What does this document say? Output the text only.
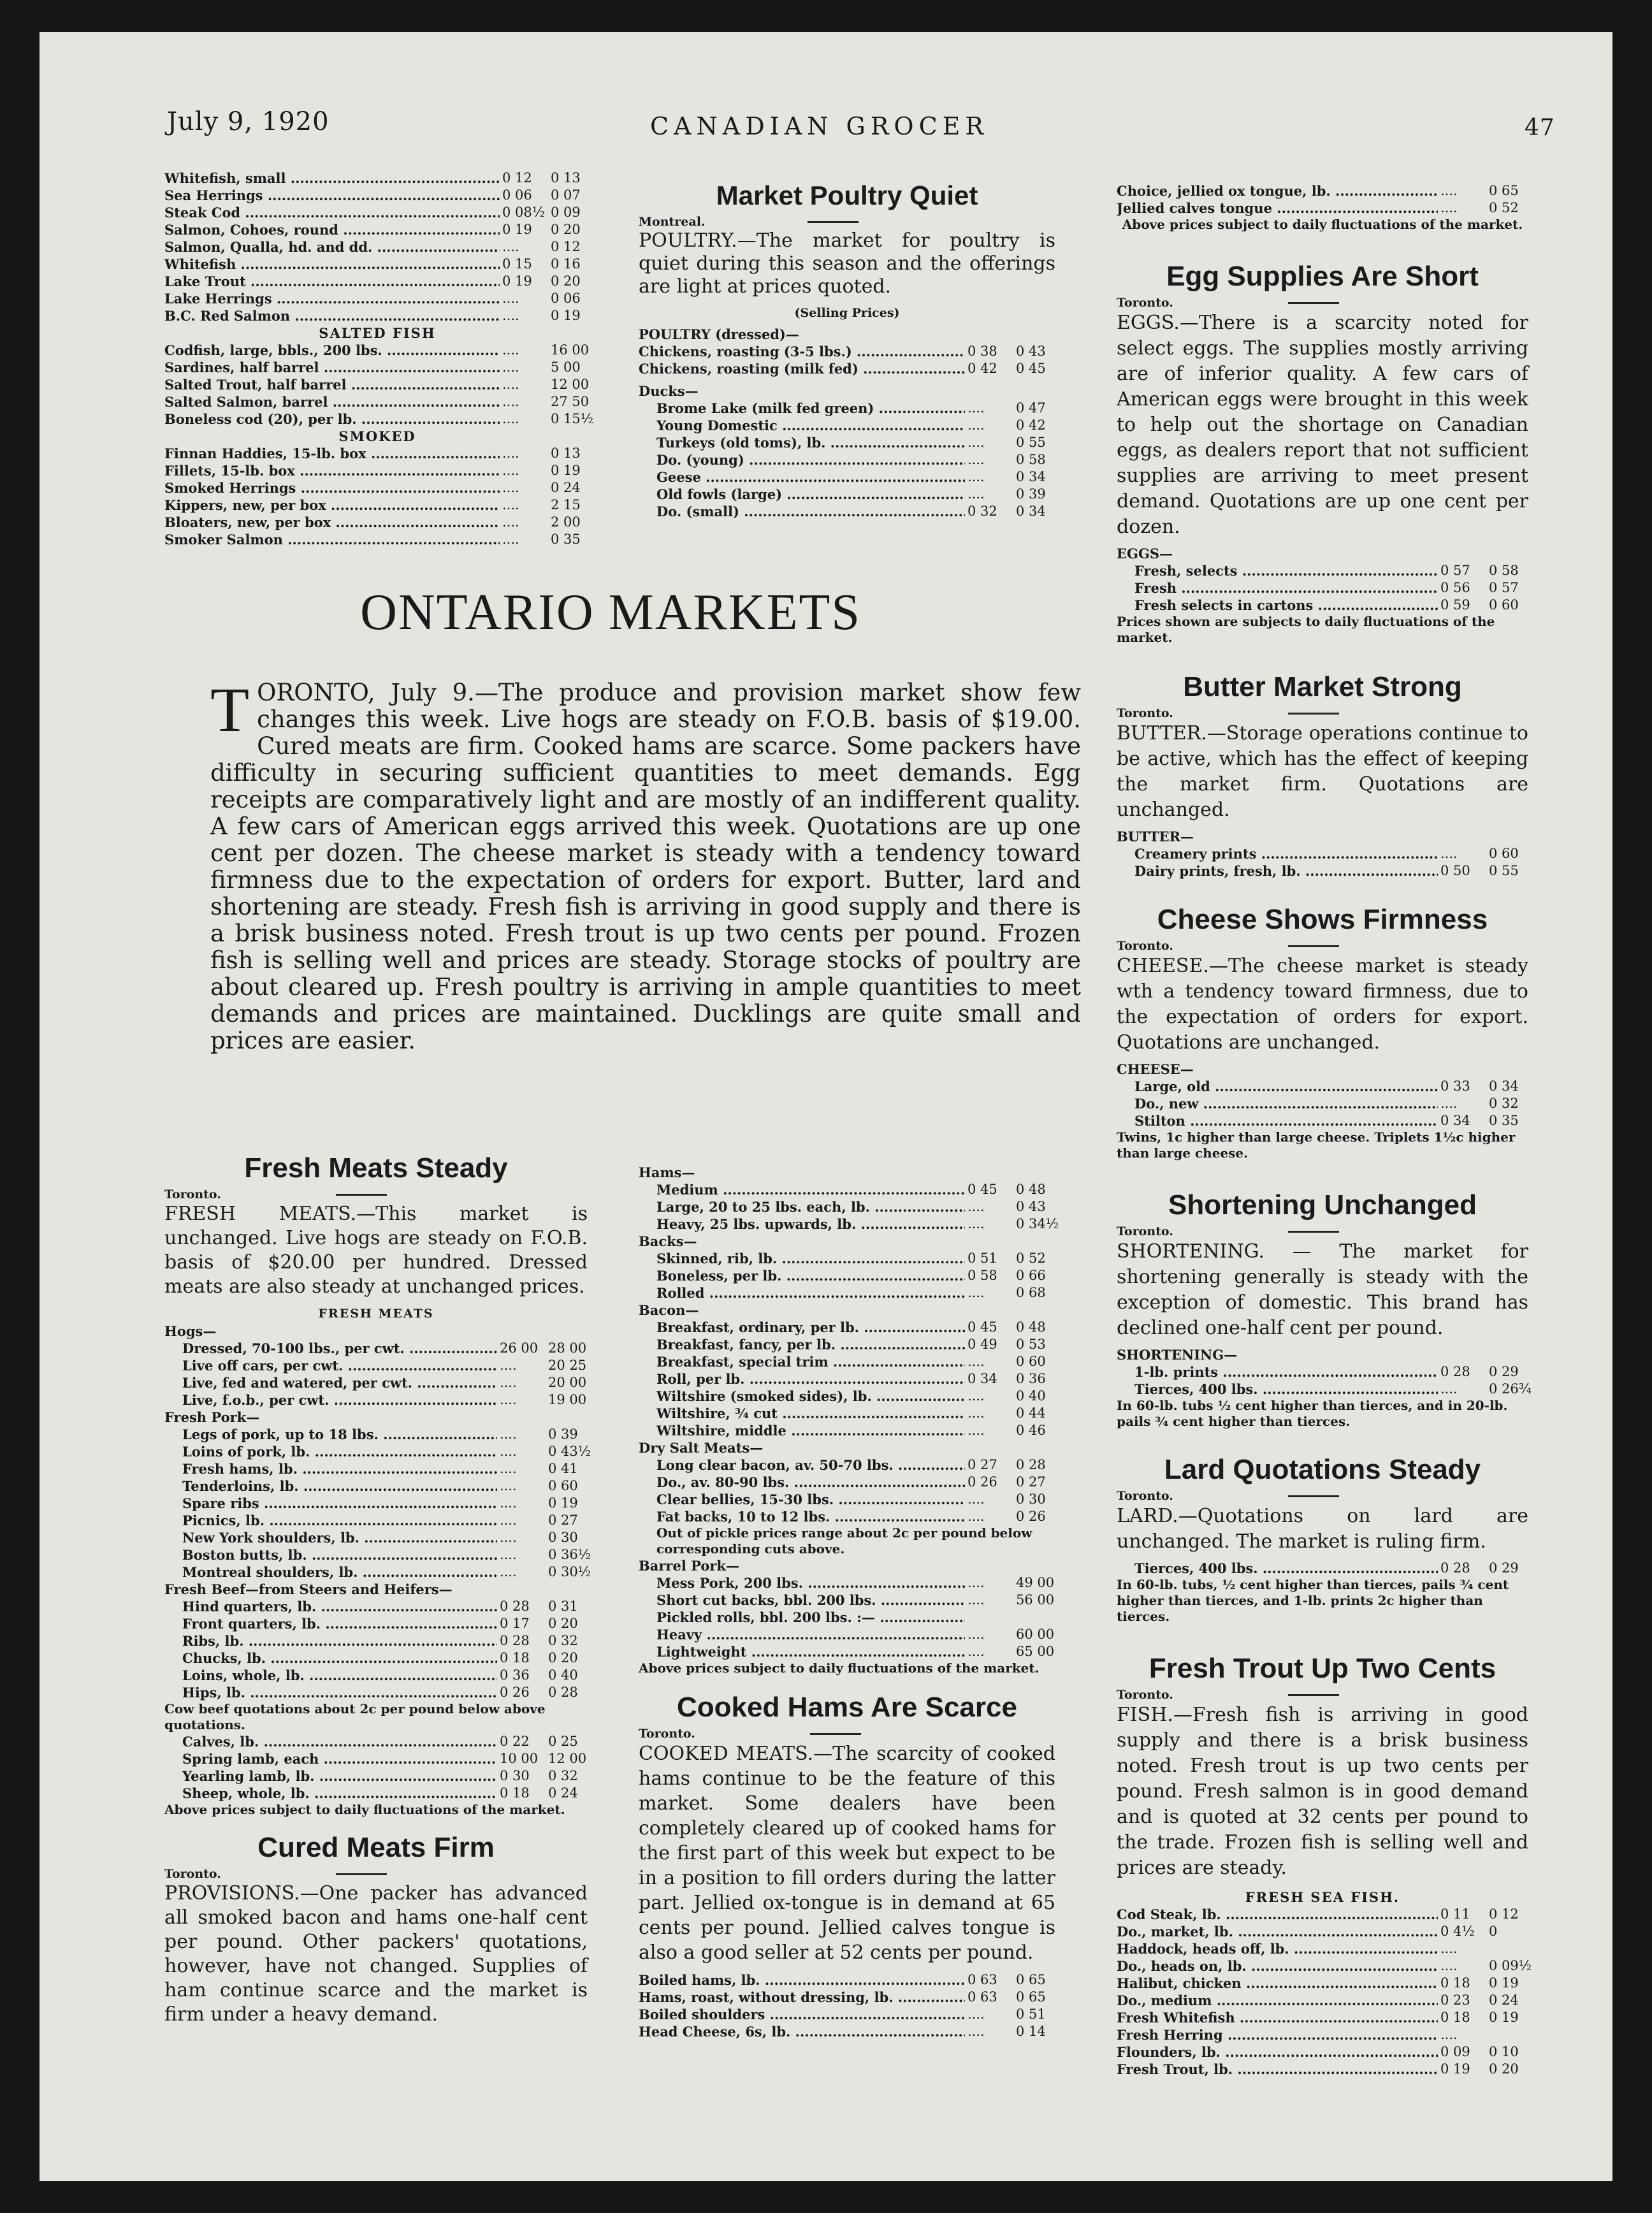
July 9, 1920	CANADIAN GROCER	47
Whitefish, small .....	0 12	0 13
Sea Herrings .....	0 06	0 07
Steak Cod .....	0 08½ 0 09
Salmon, Cohoes, round .....	0 19	0 20
Salmon, Qualla, hd. and dd. .....	....	0 12
Whitefish .....	0 15	0 16
Lake Trout .....	0 19	0 20
Lake Herrings .....	....	0 06
B.C. Red Salmon .....	....	0 19
SALTED FISH
Codfish, large, bbls., 200 lbs. .....	....	16 00
Sardines, half barrel .....	....	5 00
Salted Trout, half barrel .....	....	12 00
Salted Salmon, barrel .....	....	27 50
Boneless cod (20), per lb. .....	....	0 15½
SMOKED
Finnan Haddies, 15-lb. box .....	....	0 13
Fillets, 15-lb. box .....	....	0 19
Smoked Herrings .....	....	0 24
Kippers, new, per box .....	....	2 15
Bloaters, new, per box .....	....	2 00
Smoker Salmon .....	....	0 35
Market Poultry Quiet
Montreal.
POULTRY.—The market for poultry is quiet during this season and the offerings are light at prices quoted.
(Selling Prices)
POULTRY (dressed)—
Chickens, roasting (3-5 lbs.) .....	0 38	0 43
Chickens, roasting (milk fed) .....	0 42	0 45
Ducks—
Brome Lake (milk fed green) .....	....	0 47
Young Domestic .....	....	0 42
Turkeys (old toms), lb. .....	....	0 55
Do. (young) .....	....	0 58
Geese .....	....	0 34
Old fowls (large) .....	....	0 39
Do. (small) .....	0 32	0 34
Choice, jellied ox tongue, lb. .....	....	0 65
Jellied calves tongue .....	....	0 52
Above prices subject to daily fluctuations of the market.
Egg Supplies Are Short
Toronto.
EGGS.—There is a scarcity noted for select eggs. The supplies mostly arriving are of inferior quality. A few cars of American eggs were brought in this week to help out the shortage on Canadian eggs, as dealers report that not sufficient supplies are arriving to meet present demand. Quotations are up one cent per dozen.
EGGS—
Fresh, selects .....	0 57	0 58
Fresh .....	0 56	0 57
Fresh selects in cartons .....	0 59	0 60
Prices shown are subjects to daily fluctuations of the market.
Butter Market Strong
Toronto.
BUTTER.—Storage operations continue to be active, which has the effect of keeping the market firm. Quotations are unchanged.
BUTTER—
Creamery prints .....	....	0 60
Dairy prints, fresh, lb. .....	0 50	0 55
Cheese Shows Firmness
Toronto.
CHEESE.—The cheese market is steady wth a tendency toward firmness, due to the expectation of orders for export. Quotations are unchanged.
CHEESE—
Large, old .....	0 33	0 34
Do., new .....	....	0 32
Stilton .....	0 34	0 35
Twins, 1c higher than large cheese. Triplets 1½c higher than large cheese.
Shortening Unchanged
Toronto.
SHORTENING. — The market for shortening generally is steady with the exception of domestic. This brand has declined one-half cent per pound.
SHORTENING—
1-lb. prints .....	0 28	0 29
Tierces, 400 lbs. .....	....	0 26¾
In 60-lb. tubs ½ cent higher than tierces, and in 20-lb. pails ¾ cent higher than tierces.
Lard Quotations Steady
Toronto.
LARD.—Quotations on lard are unchanged. The market is ruling firm.
Tierces, 400 lbs. .....	0 28	0 29
In 60-lb. tubs, ½ cent higher than tierces, pails ¾ cent higher than tierces, and 1-lb. prints 2c higher than tierces.
Fresh Trout Up Two Cents
Toronto.
FISH.—Fresh fish is arriving in good supply and there is a brisk business noted. Fresh trout is up two cents per pound. Fresh salmon is in good demand and is quoted at 32 cents per pound to the trade. Frozen fish is selling well and prices are steady.
FRESH SEA FISH.
Cod Steak, lb. .....	0 11	0 12
Do., market, lb. .....	0 4½	0
Haddock, heads off, lb. .....	....
Do., heads on, lb. .....	....	0 09½
Halibut, chicken .....	0 18	0 19
Do., medium .....	0 23	0 24
Fresh Whitefish .....	0 18	0 19
Fresh Herring .....	....
Flounders, lb. .....	0 09	0 10
Fresh Trout, lb. .....	0 19	0 20
ONTARIO MARKETS
TORONTO, July 9.—The produce and provision market show few changes this week. Live hogs are steady on F.O.B. basis of $19.00. Cured meats are firm. Cooked hams are scarce. Some packers have difficulty in securing sufficient quantities to meet demands. Egg receipts are comparatively light and are mostly of an indifferent quality. A few cars of American eggs arrived this week. Quotations are up one cent per dozen. The cheese market is steady with a tendency toward firmness due to the expectation of orders for export. Butter, lard and shortening are steady. Fresh fish is arriving in good supply and there is a brisk business noted. Fresh trout is up two cents per pound. Frozen fish is selling well and prices are steady. Storage stocks of poultry are about cleared up. Fresh poultry is arriving in ample quantities to meet demands and prices are maintained. Ducklings are quite small and prices are easier.
Fresh Meats Steady
Toronto.
FRESH MEATS.—This market is unchanged. Live hogs are steady on F.O.B. basis of $20.00 per hundred. Dressed meats are also steady at unchanged prices.
FRESH MEATS
Hogs—
Dressed, 70-100 lbs., per cwt. .....	26 00 28 00
Live off cars, per cwt. .....	....	20 25
Live, fed and watered, per cwt. .....	....	20 00
Live, f.o.b., per cwt. .....	....	19 00
Fresh Pork—
Legs of pork, up to 18 lbs. .....	....	0 39
Loins of pork, lb. .....	....	0 43½
Fresh hams, lb. .....	....	0 41
Tenderloins, lb. .....	....	0 60
Spare ribs .....	....	0 19
Picnics, lb. .....	....	0 27
New York shoulders, lb. .....	....	0 30
Boston butts, lb. .....	....	0 36½
Montreal shoulders, lb. .....	....	0 30½
Fresh Beef—from Steers and Heifers—
Hind quarters, lb. .....	0 28	0 31
Front quarters, lb. .....	0 17	0 20
Ribs, lb. .....	0 28	0 32
Chucks, lb. .....	0 18	0 20
Loins, whole, lb. .....	0 36	0 40
Hips, lb. .....	0 26	0 28
Cow beef quotations about 2c per pound below above quotations.
Calves, lb. .....	0 22	0 25
Spring lamb, each .....	10 00 12 00
Yearling lamb, lb. .....	0 30	0 32
Sheep, whole, lb. .....	0 18	0 24
Above prices subject to daily fluctuations of the market.
Cured Meats Firm
Toronto.
PROVISIONS.—One packer has advanced all smoked bacon and hams one-half cent per pound. Other packers' quotations, however, have not changed. Supplies of ham continue scarce and the market is firm under a heavy demand.
Hams—
Medium .....	0 45	0 48
Large, 20 to 25 lbs. each, lb. .....	....	0 43
Heavy, 25 lbs. upwards, lb. .....	....	0 34½
Backs—
Skinned, rib, lb. .....	0 51	0 52
Boneless, per lb. .....	0 58	0 66
Rolled .....	....	0 68
Bacon—
Breakfast, ordinary, per lb. .....	0 45	0 48
Breakfast, fancy, per lb. .....	0 49	0 53
Breakfast, special trim .....	....	0 60
Roll, per lb. .....	0 34	0 36
Wiltshire (smoked sides), lb. .....	....	0 40
Wiltshire, ¾ cut .....	....	0 44
Wiltshire, middle .....	....	0 46
Dry Salt Meats—
Long clear bacon, av. 50-70 lbs. .....	0 27	0 28
Do., av. 80-90 lbs. .....	0 26	0 27
Clear bellies, 15-30 lbs. .....	....	0 30
Fat backs, 10 to 12 lbs. .....	....	0 26
Out of pickle prices range about 2c per pound below corresponding cuts above.
Barrel Pork—
Mess Pork, 200 lbs. .....	....	49 00
Short cut backs, bbl. 200 lbs. .....	....	56 00
Pickled rolls, bbl. 200 lbs. :— .....
Heavy .....	....	60 00
Lightweight .....	....	65 00
Above prices subject to daily fluctuations of the market.
Cooked Hams Are Scarce
Toronto.
COOKED MEATS.—The scarcity of cooked hams continue to be the feature of this market. Some dealers have been completely cleared up of cooked hams for the first part of this week but expect to be in a position to fill orders during the latter part. Jellied ox-tongue is in demand at 65 cents per pound. Jellied calves tongue is also a good seller at 52 cents per pound.
Boiled hams, lb. .....	0 63	0 65
Hams, roast, without dressing, lb. .....	0 63	0 65
Boiled shoulders .....	....	0 51
Head Cheese, 6s, lb. .....	....	0 14
